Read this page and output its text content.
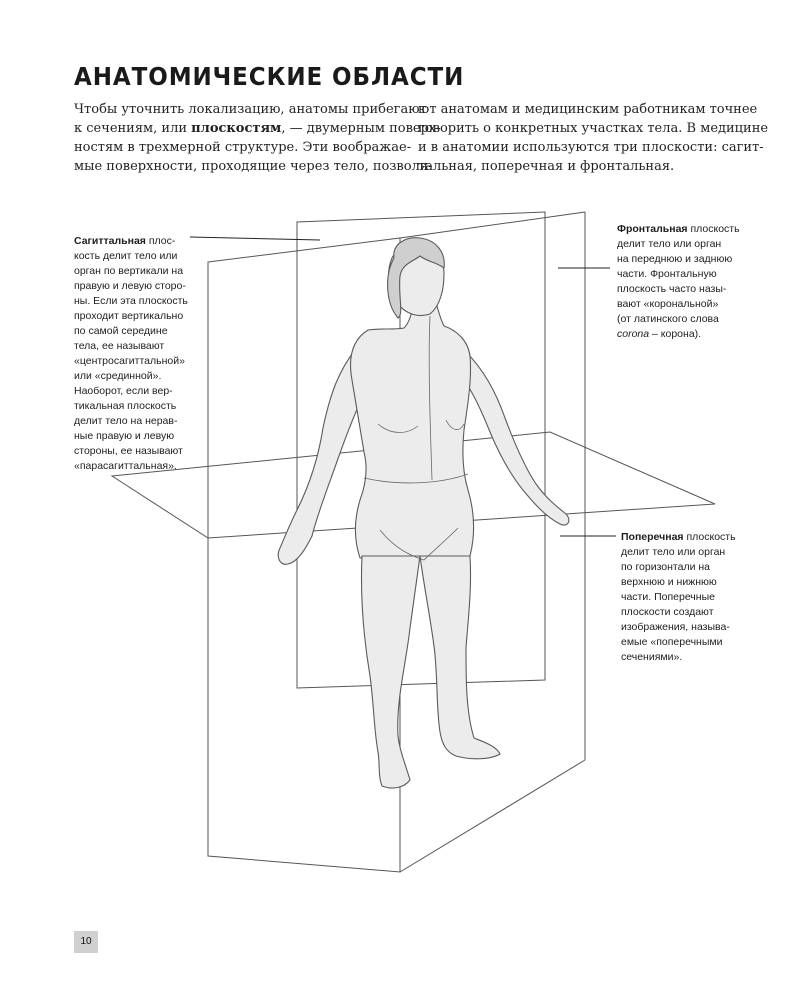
АНАТОМИЧЕСКИЕ ОБЛАСТИ
Чтобы уточнить локализацию, анатомы прибегают
к сечениям, или плоскостям, — двумерным поверх-
ностям в трехмерной структуре. Эти воображае-
мые поверхности, проходящие через тело, позволя-
ют анатомам и медицинским работникам точнее
говорить о конкретных участках тела. В медицине
и в анатомии используются три плоскости: сагит-
тальная, поперечная и фронтальная.
Сагиттальная плос-
кость делит тело или
орган по вертикали на
правую и левую сторо-
ны. Если эта плоскость
проходит вертикально
по самой середине
тела, ее называют
«центросагиттальной»
или «срединной».
Наоборот, если вер-
тикальная плоскость
делит тело на нерав-
ные правую и левую
стороны, ее называют
«парасагиттальная».
Фронтальная плоскость
делит тело или орган
на переднюю и заднюю
части. Фронтальную
плоскость часто назы-
вают «корональной»
(от латинского слова
corona – корона).
Поперечная плоскость
делит тело или орган
по горизонтали на
верхнюю и нижнюю
части. Поперечные
плоскости создают
изображения, называ-
емые «поперечными
сечениями».
10
